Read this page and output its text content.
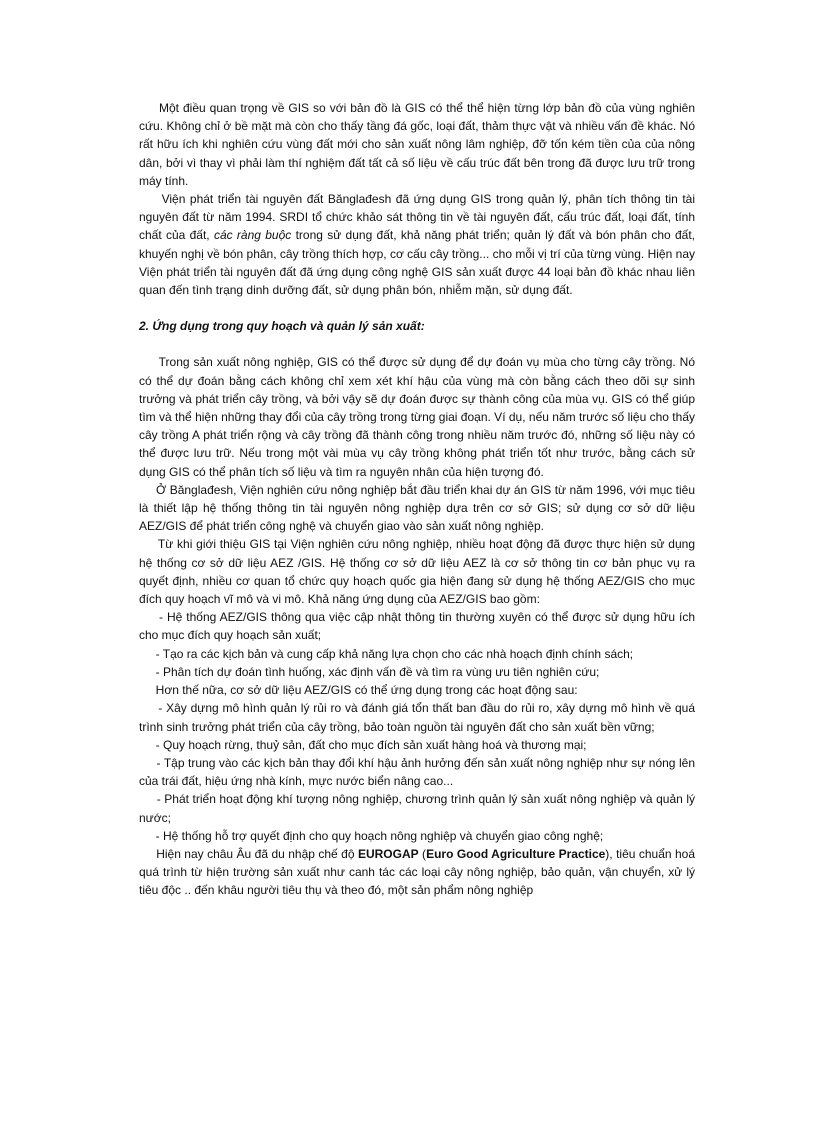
Một điều quan trọng về GIS so với bản đồ là GIS có thể thể hiện từng lớp bản đồ của vùng nghiên cứu. Không chỉ ở bề mặt mà còn cho thấy tầng đá gốc, loại đất, thảm thực vật và nhiều vấn đề khác. Nó rất hữu ích khi nghiên cứu vùng đất mới cho sản xuất nông lâm nghiệp, đỡ tốn kém tiền của của nông dân, bởi vì thay vì phải làm thí nghiệm đất tất cả số liệu về cấu trúc đất bên trong đã được lưu trữ trong máy tính.

Viện phát triển tài nguyên đất Bănglađesh đã ứng dụng GIS trong quản lý, phân tích thông tin tài nguyên đất từ năm 1994. SRDI tổ chức khảo sát thông tin về tài nguyên đất, cấu trúc đất, loại đất, tính chất của đất, các ràng buộc trong sử dụng đất, khả năng phát triển; quản lý đất và bón phân cho đất, khuyến nghị về bón phân, cây trồng thích hợp, cơ cấu cây trồng... cho mỗi vị trí của từng vùng. Hiện nay Viện phát triển tài nguyên đất đã ứng dụng công nghệ GIS sản xuất được 44 loại bản đồ khác nhau liên quan đến tình trạng dinh dưỡng đất, sử dụng phân bón, nhiễm mặn, sử dụng đất.

2. Ứng dụng trong quy hoạch và quản lý sản xuất:

Trong sản xuất nông nghiệp, GIS có thể được sử dụng để dự đoán vụ mùa cho từng cây trồng. Nó có thể dự đoán bằng cách không chỉ xem xét khí hậu của vùng mà còn bằng cách theo dõi sự sinh trưởng và phát triển cây trồng, và bởi vậy sẽ dự đoán được sự thành công của mùa vụ. GIS có thể giúp tìm và thể hiện những thay đổi của cây trồng trong từng giai đoạn. Ví dụ, nếu năm trước số liệu cho thấy cây trồng A phát triển rộng và cây trồng đã thành công trong nhiều năm trước đó, những số liệu này có thể được lưu trữ. Nếu trong một vài mùa vụ cây trồng không phát triển tốt như trước, bằng cách sử dụng GIS có thể phân tích số liệu và tìm ra nguyên nhân của hiện tượng đó.

Ở Bănglađesh, Viện nghiên cứu nông nghiệp bắt đầu triển khai dự án GIS từ năm 1996, với mục tiêu là thiết lập hệ thống thông tin tài nguyên nông nghiệp dựa trên cơ sở GIS; sử dụng cơ sở dữ liệu AEZ/GIS để phát triển công nghệ và chuyển giao vào sản xuất nông nghiệp.

Từ khi giới thiệu GIS tại Viện nghiên cứu nông nghiệp, nhiều hoạt động đã được thực hiện sử dụng hệ thống cơ sở dữ liệu AEZ /GIS. Hệ thống cơ sở dữ liệu AEZ là cơ sở thông tin cơ bản phục vụ ra quyết định, nhiều cơ quan tổ chức quy hoạch quốc gia hiện đang sử dụng hệ thống AEZ/GIS cho mục đích quy hoạch vĩ mô và vi mô. Khả năng ứng dụng của AEZ/GIS bao gồm:

- Hệ thống AEZ/GIS thông qua việc cập nhật thông tin thường xuyên có thể được sử dụng hữu ích cho mục đích quy hoạch sản xuất;

- Tạo ra các kịch bản và cung cấp khả năng lựa chọn cho các nhà hoạch định chính sách;

- Phân tích dự đoán tình huống, xác định vấn đề và tìm ra vùng ưu tiên nghiên cứu;

Hơn thế nữa, cơ sở dữ liệu AEZ/GIS có thể ứng dụng trong các hoạt động sau:

- Xây dựng mô hình quản lý rủi ro và đánh giá tổn thất ban đầu do rủi ro, xây dựng mô hình về quá trình sinh trưởng phát triển của cây trồng, bảo toàn nguồn tài nguyên đất cho sản xuất bền vững;

- Quy hoạch rừng, thuỷ sản, đất cho mục đích sản xuất hàng hoá và thương mại;

- Tập trung vào các kịch bản thay đổi khí hậu ảnh hưởng đến sản xuất nông nghiệp như sự nóng lên của trái đất, hiệu ứng nhà kính, mực nước biển nâng cao...

- Phát triển hoạt động khí tượng nông nghiệp, chương trình quản lý sản xuất nông nghiệp và quản lý nước;

- Hệ thống hỗ trợ quyết định cho quy hoạch nông nghiệp và chuyển giao công nghệ;

Hiện nay châu Âu đã du nhập chế độ EUROGAP (Euro Good Agriculture Practice), tiêu chuẩn hoá quá trình từ hiện trường sản xuất như canh tác các loại cây nông nghiệp, bảo quản, vận chuyển, xử lý tiêu độc .. đến khâu người tiêu thụ và theo đó, một sản phẩm nông nghiệp
